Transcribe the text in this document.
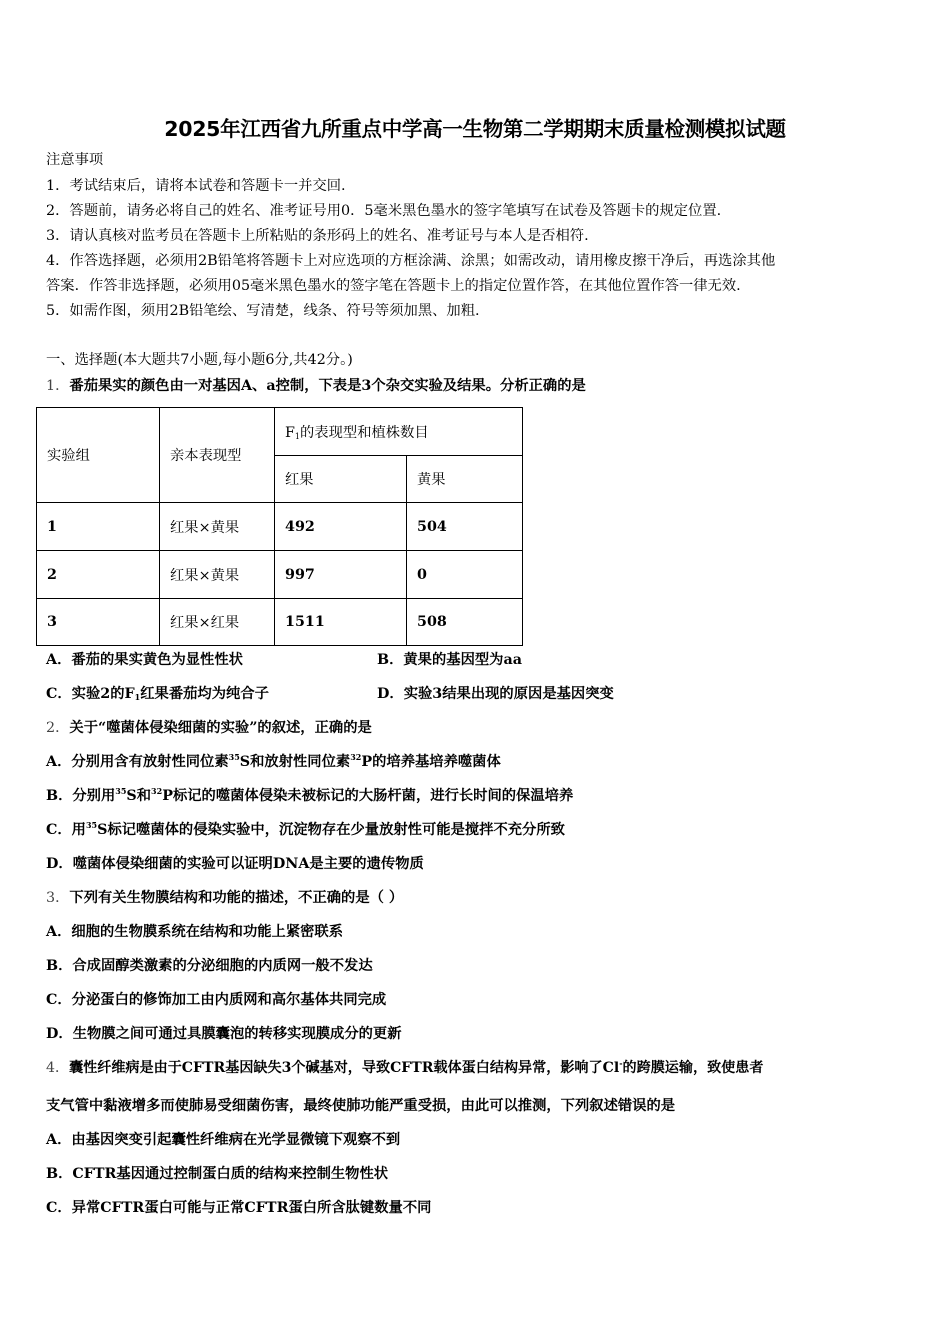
2025年江西省九所重点中学高一生物第二学期期末质量检测模拟试题
注意事项
1．考试结束后，请将本试卷和答题卡一并交回.
2．答题前，请务必将自己的姓名、准考证号用0．5毫米黑色墨水的签字笔填写在试卷及答题卡的规定位置.
3．请认真核对监考员在答题卡上所粘贴的条形码上的姓名、准考证号与本人是否相符.
4．作答选择题，必须用2B铅笔将答题卡上对应选项的方框涂满、涂黑；如需改动，请用橡皮擦干净后，再选涂其他
答案．作答非选择题，必须用05毫米黑色墨水的签字笔在答题卡上的指定位置作答，在其他位置作答一律无效.
5．如需作图，须用2B铅笔绘、写清楚，线条、符号等须加黑、加粗.
一、选择题(本大题共7小题,每小题6分,共42分。)
1．番茄果实的颜色由一对基因A、a控制，下表是3个杂交实验及结果。分析正确的是
实验组	亲本表现型	$F_1$的表现型和植株数目	
		红果	黄果
1	红果×黄果	492	504
2	红果×黄果	997	0
3	红果×红果	1511	508
A．番茄的果实黄色为显性性状	B．黄果的基因型为aa
C．实验2的$F_1$红果番茄均为纯合子	D．实验3结果出现的原因是基因突变
2．关于“噬菌体侵染细菌的实验”的叙述，正确的是
A．分别用含有放射性同位素$^{35}$S和放射性同位素$^{32}$P的培养基培养噬菌体
B．分别用$^{35}$S和$^{32}$P标记的噬菌体侵染未被标记的大肠杆菌，进行长时间的保温培养
C．用$^{35}$S标记噬菌体的侵染实验中，沉淀物存在少量放射性可能是搅拌不充分所致
D．噬菌体侵染细菌的实验可以证明DNA是主要的遗传物质
3．下列有关生物膜结构和功能的描述，不正确的是（ ）
A．细胞的生物膜系统在结构和功能上紧密联系
B．合成固醇类激素的分泌细胞的内质网一般不发达
C．分泌蛋白的修饰加工由内质网和高尔基体共同完成
D．生物膜之间可通过具膜囊泡的转移实现膜成分的更新
4．囊性纤维病是由于CFTR基因缺失3个碱基对，导致CFTR载体蛋白结构异常，影响了Cl-的跨膜运输，致使患者
支气管中黏液增多而使肺易受细菌伤害，最终使肺功能严重受损，由此可以推测，下列叙述错误的是
A．由基因突变引起囊性纤维病在光学显微镜下观察不到
B．CFTR基因通过控制蛋白质的结构来控制生物性状
C．异常CFTR蛋白可能与正常CFTR蛋白所含肽键数量不同
